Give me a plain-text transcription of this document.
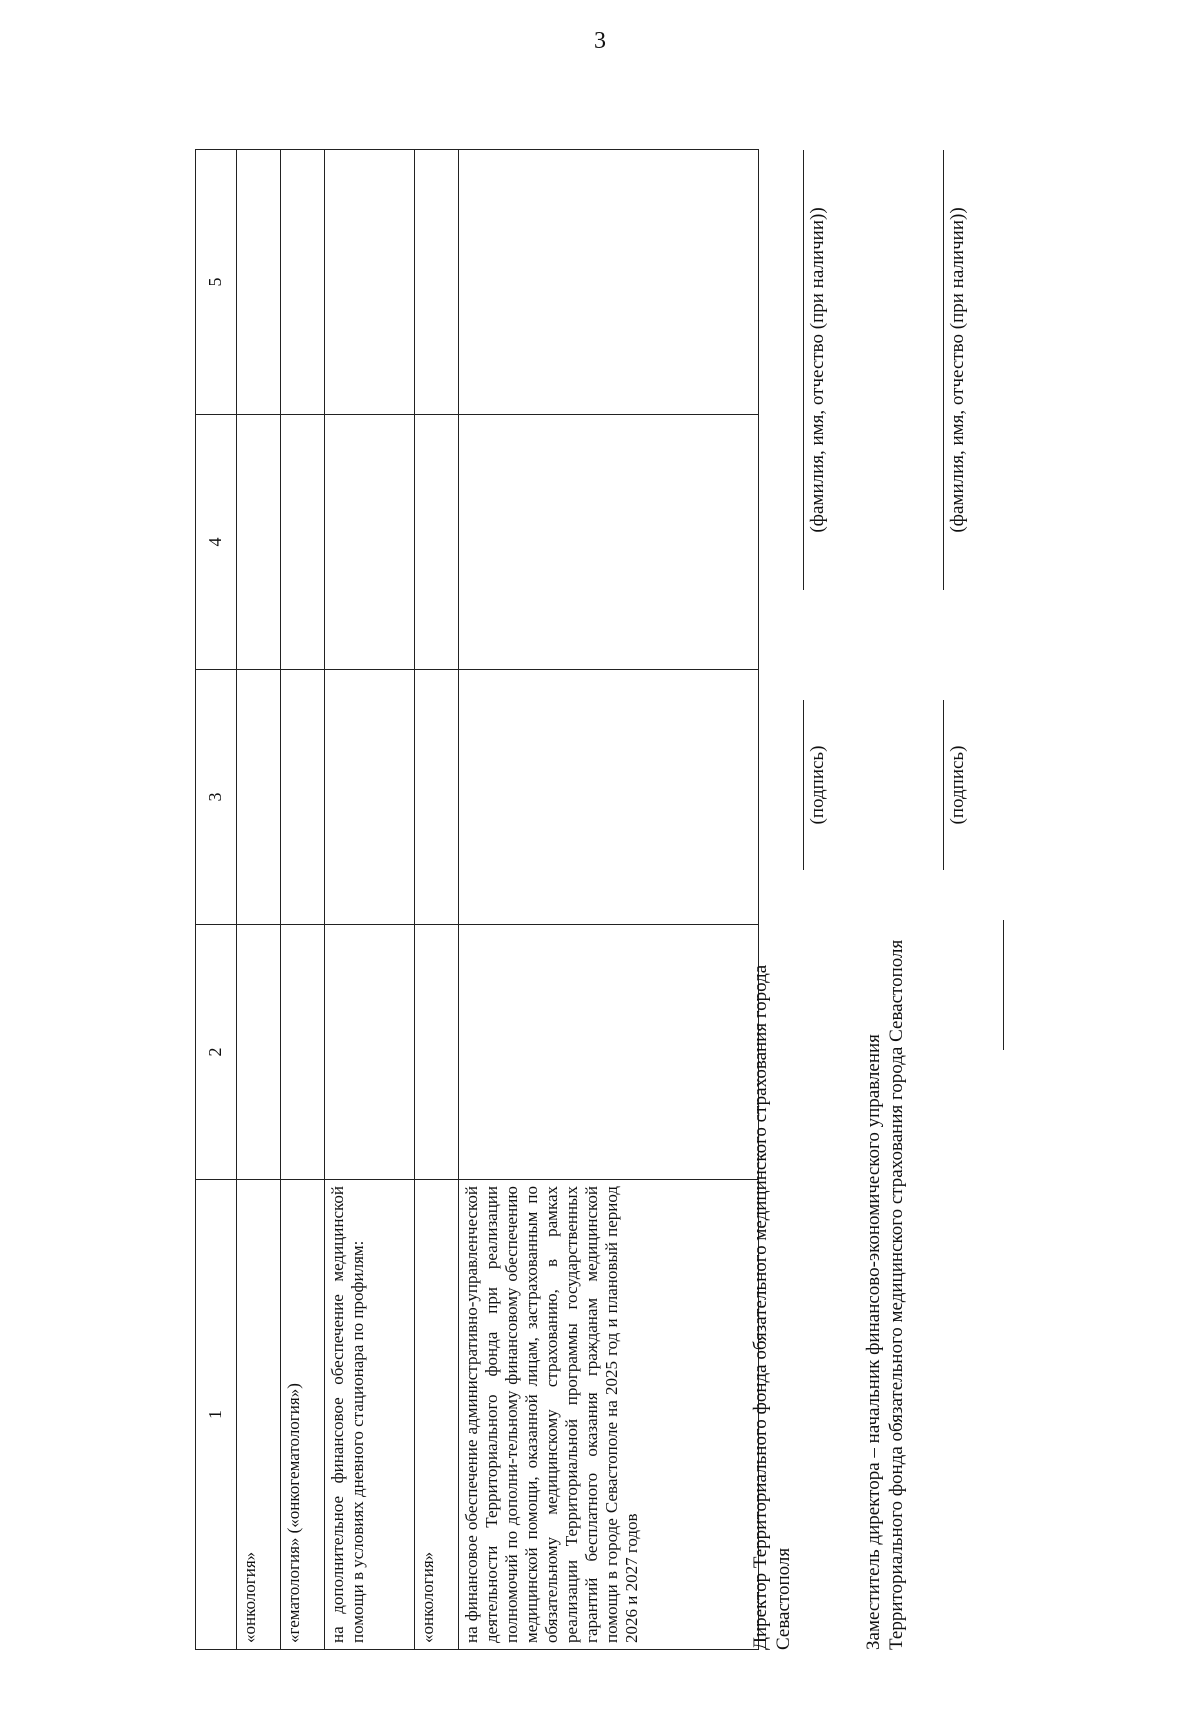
3
1	2	3	4	5
«онкология»				
«гематология» («онкогематология»)				
на дополнительное финансовое обеспечение медицинской помощи в условиях дневного стационара по профилям:				
«онкология»				
на финансовое обеспечение административно-управленческой деятельности Территориального фонда при реализации полномочий по дополни-тельному финансовому обеспечению медицинской помощи, оказанной лицам, застрахованным по обязательному медицинскому страхованию, в рамках реализации Территориальной программы государственных гарантий бесплатного оказания гражданам медицинской помощи в городе Севастополе на 2025 год и плановый период 2026 и 2027 годов					Директор Территориального фонда обязательного медицинского страхования города Севастополя
(подпись)
(фамилия, имя, отчество (при наличии))
Заместитель директора – начальник финансово-экономического управления Территориального фонда обязательного медицинского страхования города Севастополя
(подпись)
(фамилия, имя, отчество (при наличии))
